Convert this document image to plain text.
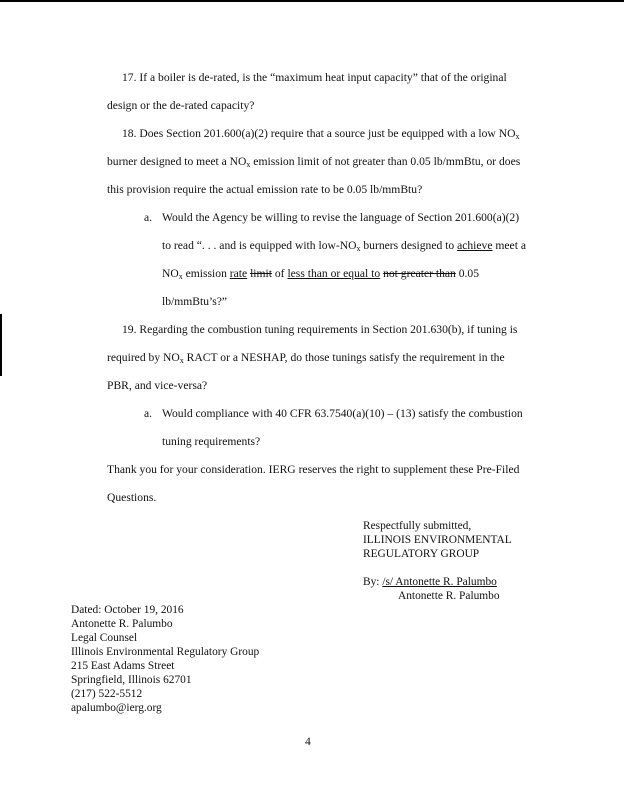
17. If a boiler is de-rated, is the “maximum heat input capacity” that of the original
design or the de-rated capacity?
18. Does Section 201.600(a)(2) require that a source just be equipped with a low $NO_x$
burner designed to meet a $NO_x$ emission limit of not greater than 0.05 lb/mmBtu, or does
this provision require the actual emission rate to be 0.05 lb/mmBtu?
a. Would the Agency be willing to revise the language of Section 201.600(a)(2)
to read “. . . and is equipped with low-$NO_x$ burners designed to achieve meet a
$NO_x$ emission rate limit of less than or equal to not greater than 0.05
lb/mmBtu’s?”
19. Regarding the combustion tuning requirements in Section 201.630(b), if tuning is
required by $NO_x$ RACT or a NESHAP, do those tunings satisfy the requirement in the
PBR, and vice-versa?
a. Would compliance with 40 CFR 63.7540(a)(10) – (13) satisfy the combustion
tuning requirements?
Thank you for your consideration. IERG reserves the right to supplement these Pre-Filed
Questions.
Respectfully submitted,
ILLINOIS ENVIRONMENTAL
REGULATORY GROUP
By: /s/ Antonette R. Palumbo
Antonette R. Palumbo
Dated: October 19, 2016
Antonette R. Palumbo
Legal Counsel
Illinois Environmental Regulatory Group
215 East Adams Street
Springfield, Illinois 62701
(217) 522-5512
apalumbo@ierg.org
4
